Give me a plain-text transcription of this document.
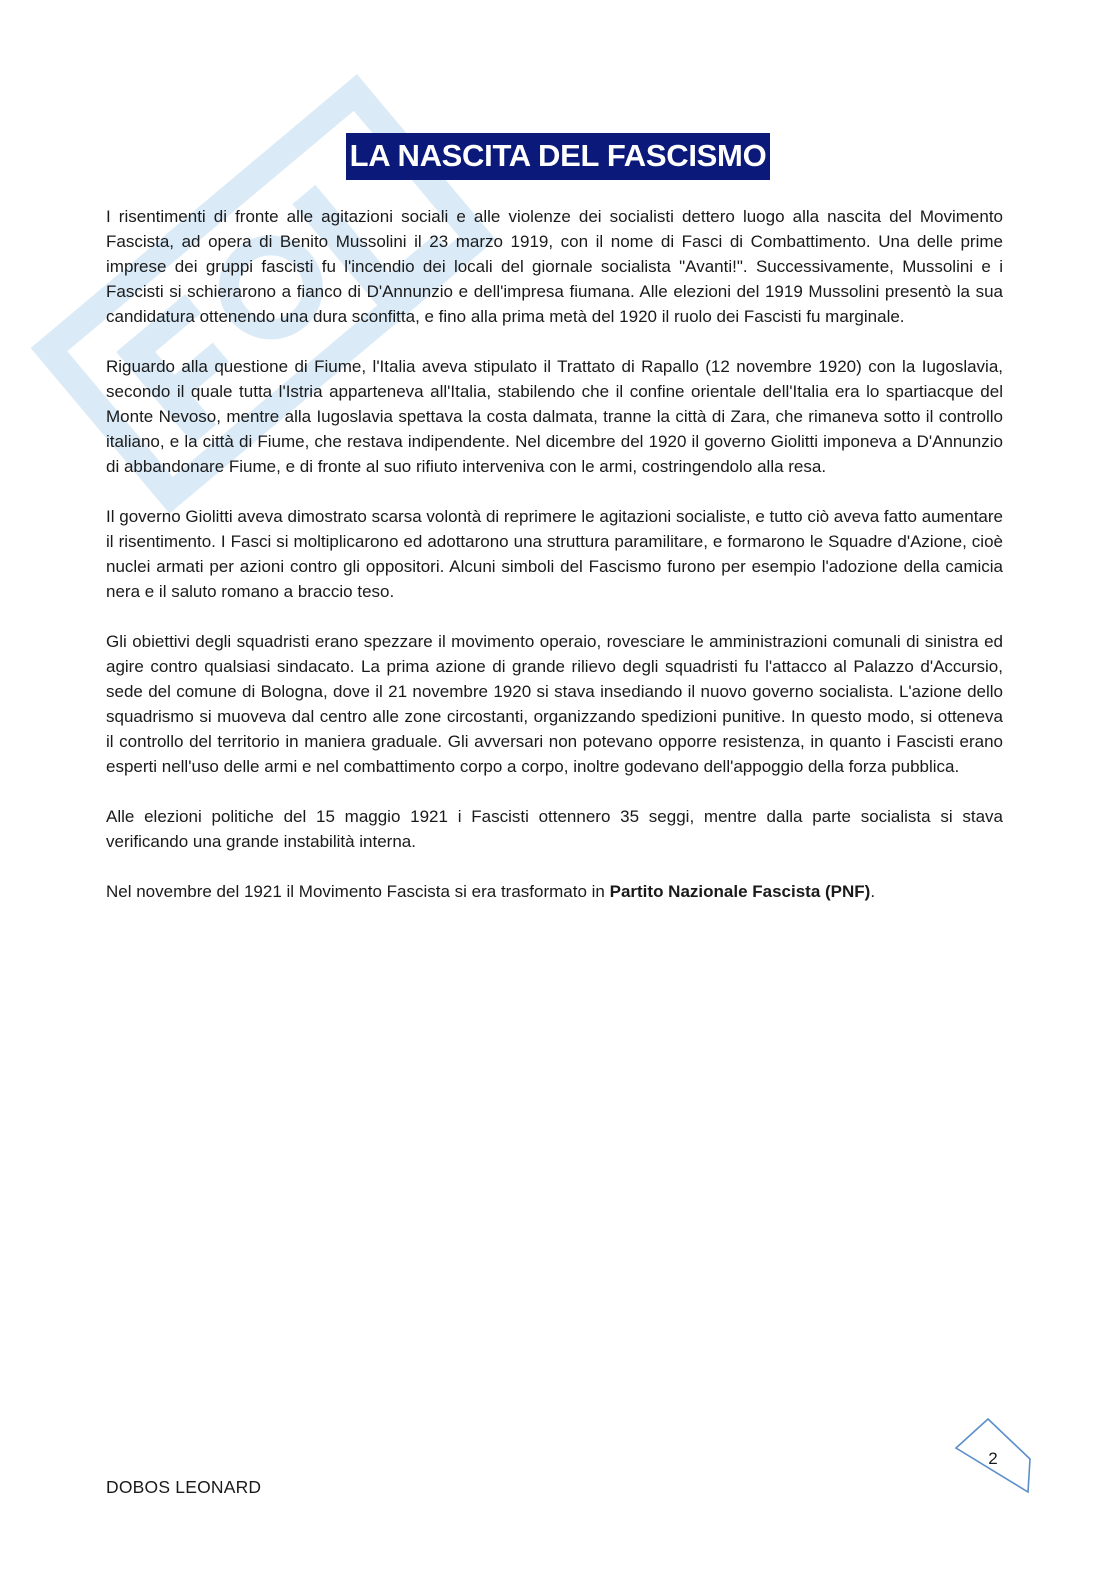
LA NASCITA DEL FASCISMO

I risentimenti di fronte alle agitazioni sociali e alle violenze dei socialisti dettero luogo alla nascita del Movimento Fascista, ad opera di Benito Mussolini il 23 marzo 1919, con il nome di Fasci di Combattimento. Una delle prime imprese dei gruppi fascisti fu l'incendio dei locali del giornale socialista "Avanti!". Successivamente, Mussolini e i Fascisti si schierarono a fianco di D'Annunzio e dell'impresa fiumana. Alle elezioni del 1919 Mussolini presentò la sua candidatura ottenendo una dura sconfitta, e fino alla prima metà del 1920 il ruolo dei Fascisti fu marginale.

Riguardo alla questione di Fiume, l'Italia aveva stipulato il Trattato di Rapallo (12 novembre 1920) con la Iugoslavia, secondo il quale tutta l'Istria apparteneva all'Italia, stabilendo che il confine orientale dell'Italia era lo spartiacque del Monte Nevoso, mentre alla Iugoslavia spettava la costa dalmata, tranne la città di Zara, che rimaneva sotto il controllo italiano, e la città di Fiume, che restava indipendente. Nel dicembre del 1920 il governo Giolitti imponeva a D'Annunzio di abbandonare Fiume, e di fronte al suo rifiuto interveniva con le armi, costringendolo alla resa.

Il governo Giolitti aveva dimostrato scarsa volontà di reprimere le agitazioni socialiste, e tutto ciò aveva fatto aumentare il risentimento. I Fasci si moltiplicarono ed adottarono una struttura paramilitare, e formarono le Squadre d'Azione, cioè nuclei armati per azioni contro gli oppositori. Alcuni simboli del Fascismo furono per esempio l'adozione della camicia nera e il saluto romano a braccio teso.

Gli obiettivi degli squadristi erano spezzare il movimento operaio, rovesciare le amministrazioni comunali di sinistra ed agire contro qualsiasi sindacato. La prima azione di grande rilievo degli squadristi fu l'attacco al Palazzo d'Accursio, sede del comune di Bologna, dove il 21 novembre 1920 si stava insediando il nuovo governo socialista. L'azione dello squadrismo si muoveva dal centro alle zone circostanti, organizzando spedizioni punitive. In questo modo, si otteneva il controllo del territorio in maniera graduale. Gli avversari non potevano opporre resistenza, in quanto i Fascisti erano esperti nell'uso delle armi e nel combattimento corpo a corpo, inoltre godevano dell'appoggio della forza pubblica.

Alle elezioni politiche del 15 maggio 1921 i Fascisti ottennero 35 seggi, mentre dalla parte socialista si stava verificando una grande instabilità interna.

Nel novembre del 1921 il Movimento Fascista si era trasformato in Partito Nazionale Fascista (PNF).

DOBOS LEONARD
2
